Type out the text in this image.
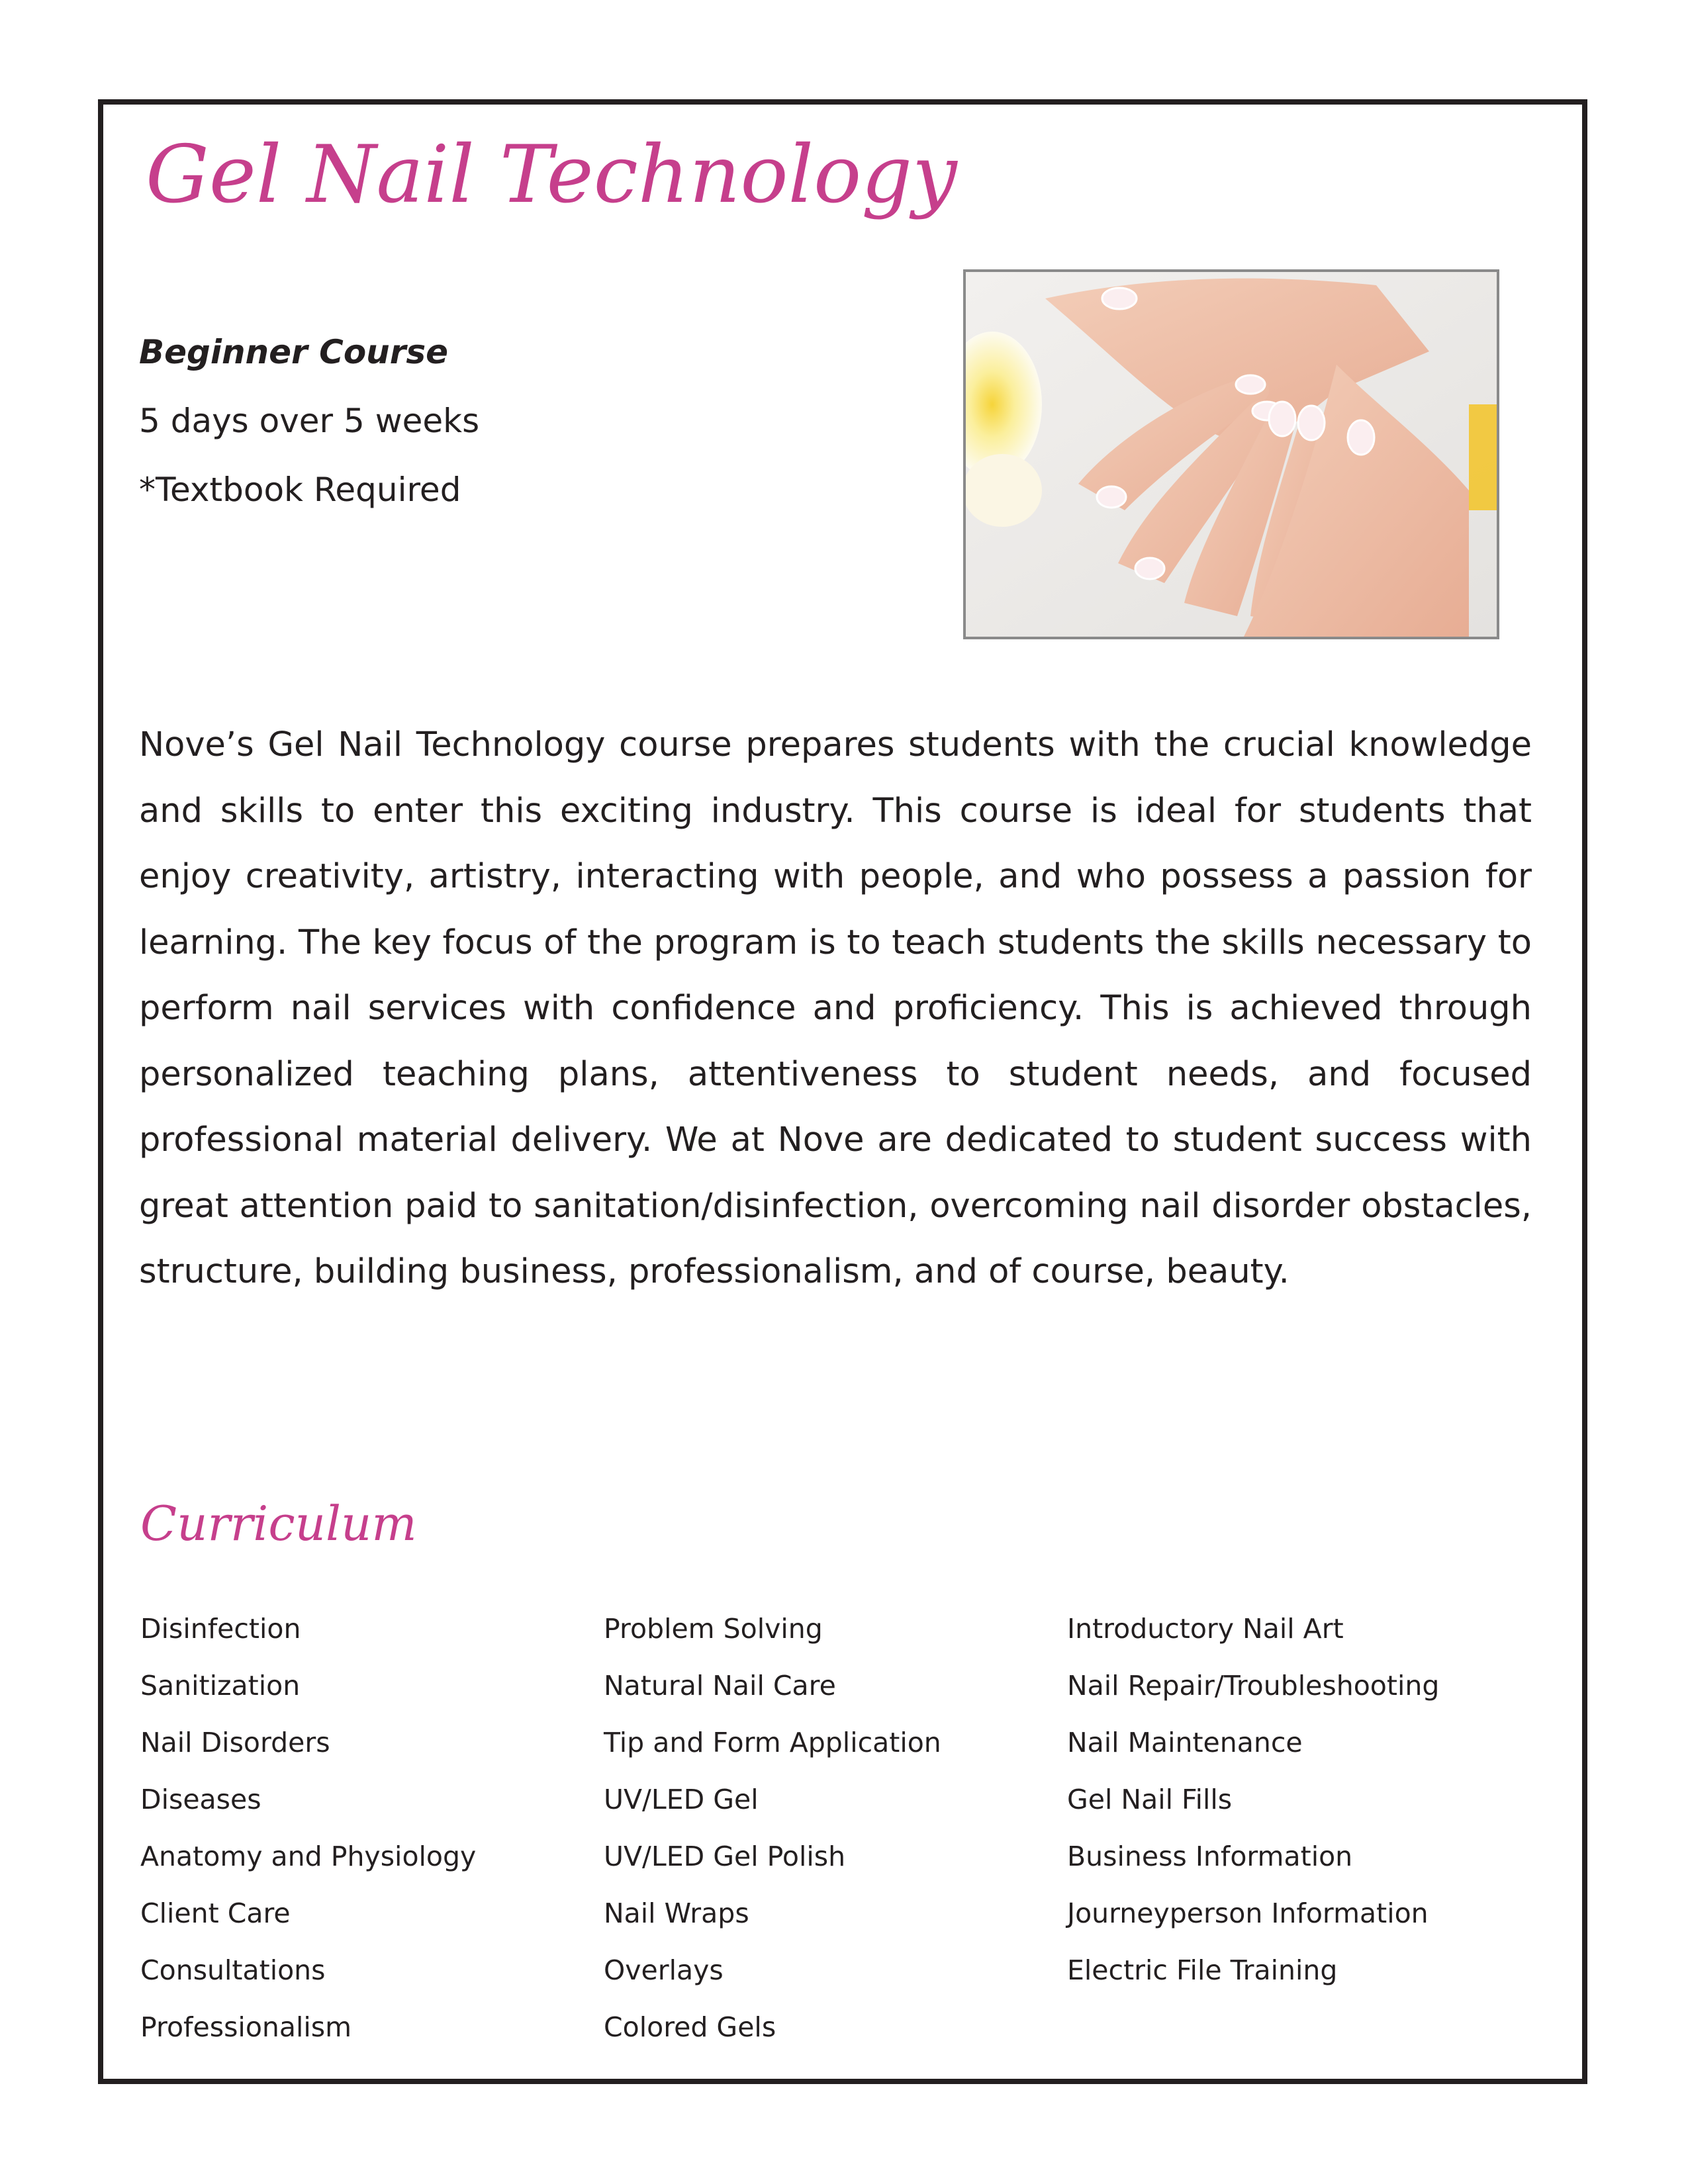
Gel Nail Technology
Beginner Course
5 days over 5 weeks
*Textbook Required

Nove’s Gel Nail Technology course prepares students with the crucial knowledge and skills to enter this exciting industry. This course is ideal for students that enjoy creativity, artistry, interacting with people, and who possess a passion for learning. The key focus of the program is to teach students the skills necessary to perform nail services with confidence and proficiency. This is achieved through personalized teaching plans, attentiveness to student needs, and focused professional material delivery. We at Nove are dedicated to student success with great attention paid to sanitation/disinfection, overcoming nail disorder obstacles, structure, building business, professionalism, and of course, beauty.

Curriculum
Disinfection
Sanitization
Nail Disorders
Diseases
Anatomy and Physiology
Client Care
Consultations
Professionalism
Problem Solving
Natural Nail Care
Tip and Form Application
UV/LED Gel
UV/LED Gel Polish
Nail Wraps
Overlays
Colored Gels
Introductory Nail Art
Nail Repair/Troubleshooting
Nail Maintenance
Gel Nail Fills
Business Information
Journeyperson Information
Electric File Training
